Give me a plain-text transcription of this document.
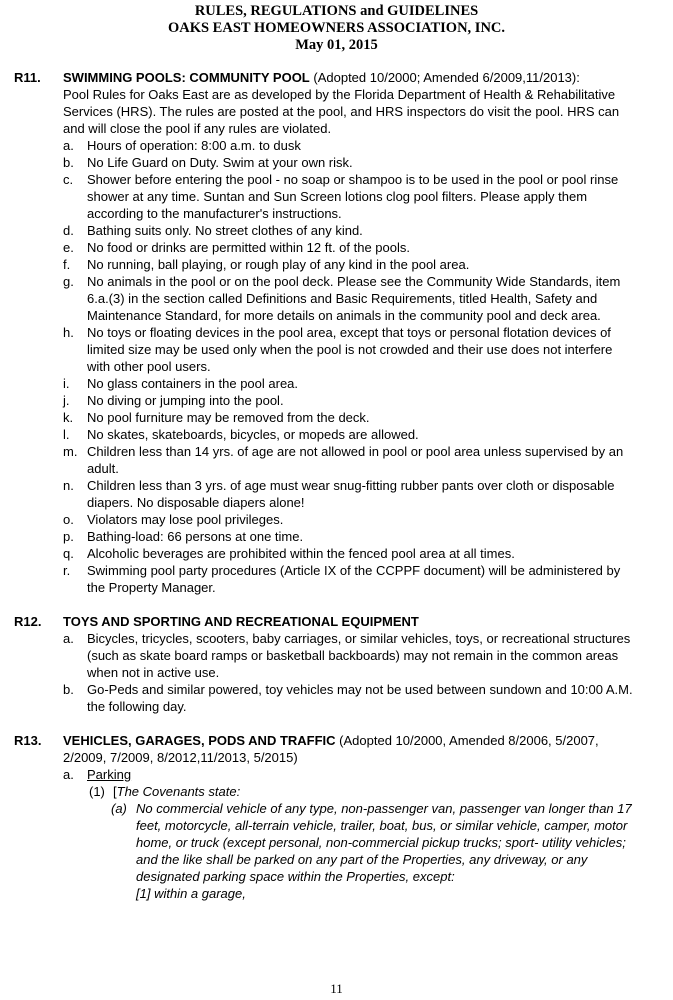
RULES, REGULATIONS and GUIDELINES
OAKS EAST HOMEOWNERS ASSOCIATION, INC.
May 01, 2015
R11. SWIMMING POOLS: COMMUNITY POOL (Adopted 10/2000; Amended 6/2009,11/2013):
Pool Rules for Oaks East are as developed by the Florida Department of Health & Rehabilitative Services (HRS). The rules are posted at the pool, and HRS inspectors do visit the pool. HRS can and will close the pool if any rules are violated.
a. Hours of operation: 8:00 a.m. to dusk
b. No Life Guard on Duty. Swim at your own risk.
c. Shower before entering the pool - no soap or shampoo is to be used in the pool or pool rinse shower at any time. Suntan and Sun Screen lotions clog pool filters. Please apply them according to the manufacturer's instructions.
d. Bathing suits only. No street clothes of any kind.
e. No food or drinks are permitted within 12 ft. of the pools.
f. No running, ball playing, or rough play of any kind in the pool area.
g. No animals in the pool or on the pool deck. Please see the Community Wide Standards, item 6.a.(3) in the section called Definitions and Basic Requirements, titled Health, Safety and Maintenance Standard, for more details on animals in the community pool and deck area.
h. No toys or floating devices in the pool area, except that toys or personal flotation devices of limited size may be used only when the pool is not crowded and their use does not interfere with other pool users.
i. No glass containers in the pool area.
j. No diving or jumping into the pool.
k. No pool furniture may be removed from the deck.
l. No skates, skateboards, bicycles, or mopeds are allowed.
m. Children less than 14 yrs. of age are not allowed in pool or pool area unless supervised by an adult.
n. Children less than 3 yrs. of age must wear snug-fitting rubber pants over cloth or disposable diapers. No disposable diapers alone!
o. Violators may lose pool privileges.
p. Bathing-load: 66 persons at one time.
q. Alcoholic beverages are prohibited within the fenced pool area at all times.
r. Swimming pool party procedures (Article IX of the CCPPF document) will be administered by the Property Manager.
R12. TOYS AND SPORTING AND RECREATIONAL EQUIPMENT
a. Bicycles, tricycles, scooters, baby carriages, or similar vehicles, toys, or recreational structures (such as skate board ramps or basketball backboards) may not remain in the common areas when not in active use.
b. Go-Peds and similar powered, toy vehicles may not be used between sundown and 10:00 A.M. the following day.
R13. VEHICLES, GARAGES, PODS AND TRAFFIC (Adopted 10/2000, Amended 8/2006, 5/2007, 2/2009, 7/2009, 8/2012,11/2013, 5/2015)
a. Parking
(1) [The Covenants state:
(a) No commercial vehicle of any type, non-passenger van, passenger van longer than 17 feet, motorcycle, all-terrain vehicle, trailer, boat, bus, or similar vehicle, camper, motor home, or truck (except personal, non-commercial pickup trucks; sport- utility vehicles; and the like shall be parked on any part of the Properties, any driveway, or any designated parking space within the Properties, except:
[1] within a garage,
11
